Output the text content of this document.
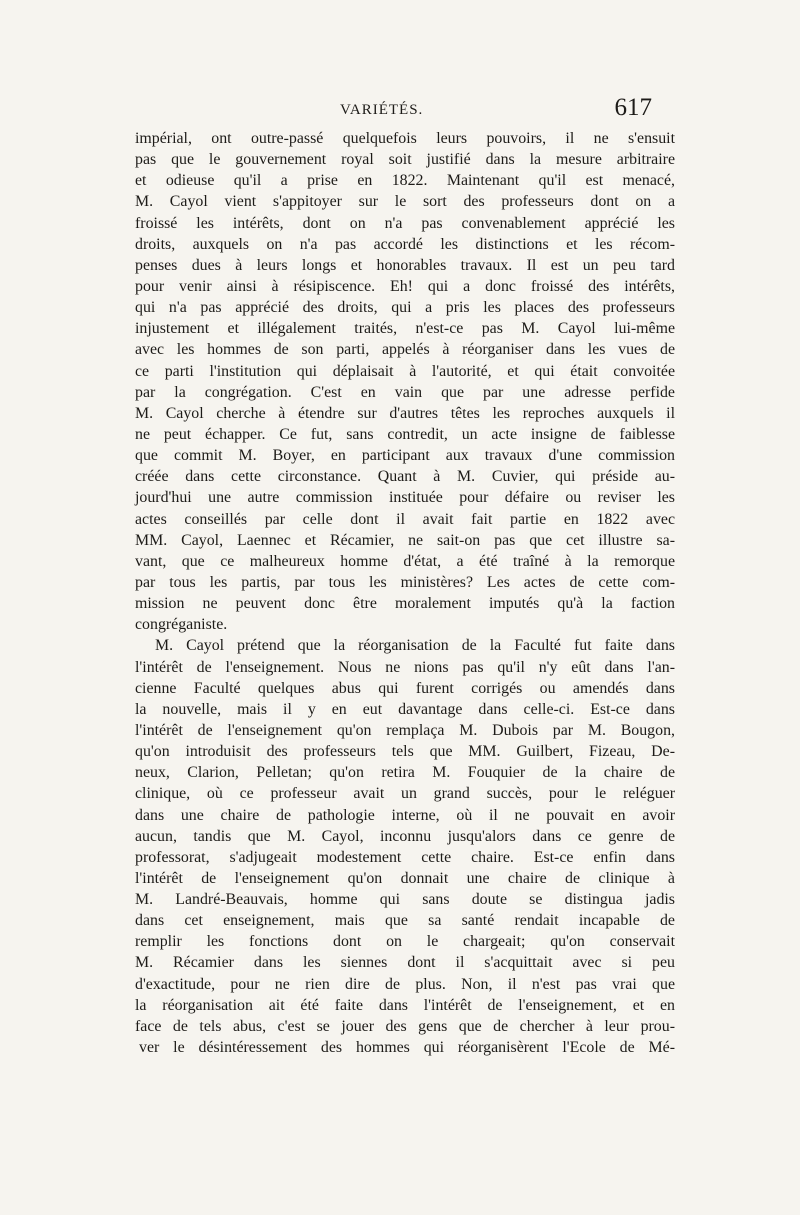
VARIÉTÉS.	617
impérial, ont outre-passé quelquefois leurs pouvoirs, il ne s'ensuit
pas que le gouvernement royal soit justifié dans la mesure arbitraire
et odieuse qu'il a prise en 1822. Maintenant qu'il est menacé,
M. Cayol vient s'appitoyer sur le sort des professeurs dont on a
froissé les intérêts, dont on n'a pas convenablement apprécié les
droits, auxquels on n'a pas accordé les distinctions et les récom-
penses dues à leurs longs et honorables travaux. Il est un peu tard
pour venir ainsi à résipiscence. Eh! qui a donc froissé des intérêts,
qui n'a pas apprécié des droits, qui a pris les places des professeurs
injustement et illégalement traités, n'est-ce pas M. Cayol lui-même
avec les hommes de son parti, appelés à réorganiser dans les vues de
ce parti l'institution qui déplaisait à l'autorité, et qui était convoitée
par la congrégation. C'est en vain que par une adresse perfide
M. Cayol cherche à étendre sur d'autres têtes les reproches auxquels il
ne peut échapper. Ce fut, sans contredit, un acte insigne de faiblesse
que commit M. Boyer, en participant aux travaux d'une commission
créée dans cette circonstance. Quant à M. Cuvier, qui préside au-
jourd'hui une autre commission instituée pour défaire ou reviser les
actes conseillés par celle dont il avait fait partie en 1822 avec
MM. Cayol, Laennec et Récamier, ne sait-on pas que cet illustre sa-
vant, que ce malheureux homme d'état, a été traîné à la remorque
par tous les partis, par tous les ministères? Les actes de cette com-
mission ne peuvent donc être moralement imputés qu'à la faction
congréganiste.
M. Cayol prétend que la réorganisation de la Faculté fut faite dans
l'intérêt de l'enseignement. Nous ne nions pas qu'il n'y eût dans l'an-
cienne Faculté quelques abus qui furent corrigés ou amendés dans
la nouvelle, mais il y en eut davantage dans celle-ci. Est-ce dans
l'intérêt de l'enseignement qu'on remplaça M. Dubois par M. Bougon,
qu'on introduisit des professeurs tels que MM. Guilbert, Fizeau, De-
neux, Clarion, Pelletan; qu'on retira M. Fouquier de la chaire de
clinique, où ce professeur avait un grand succès, pour le reléguer
dans une chaire de pathologie interne, où il ne pouvait en avoir
aucun, tandis que M. Cayol, inconnu jusqu'alors dans ce genre de
professorat, s'adjugeait modestement cette chaire. Est-ce enfin dans
l'intérêt de l'enseignement qu'on donnait une chaire de clinique à
M. Landré-Beauvais, homme qui sans doute se distingua jadis
dans cet enseignement, mais que sa santé rendait incapable de
remplir les fonctions dont on le chargeait; qu'on conservait
M. Récamier dans les siennes dont il s'acquittait avec si peu
d'exactitude, pour ne rien dire de plus. Non, il n'est pas vrai que
la réorganisation ait été faite dans l'intérêt de l'enseignement, et en
face de tels abus, c'est se jouer des gens que de chercher à leur prou-
ver le désintéressement des hommes qui réorganisèrent l'Ecole de Mé-
